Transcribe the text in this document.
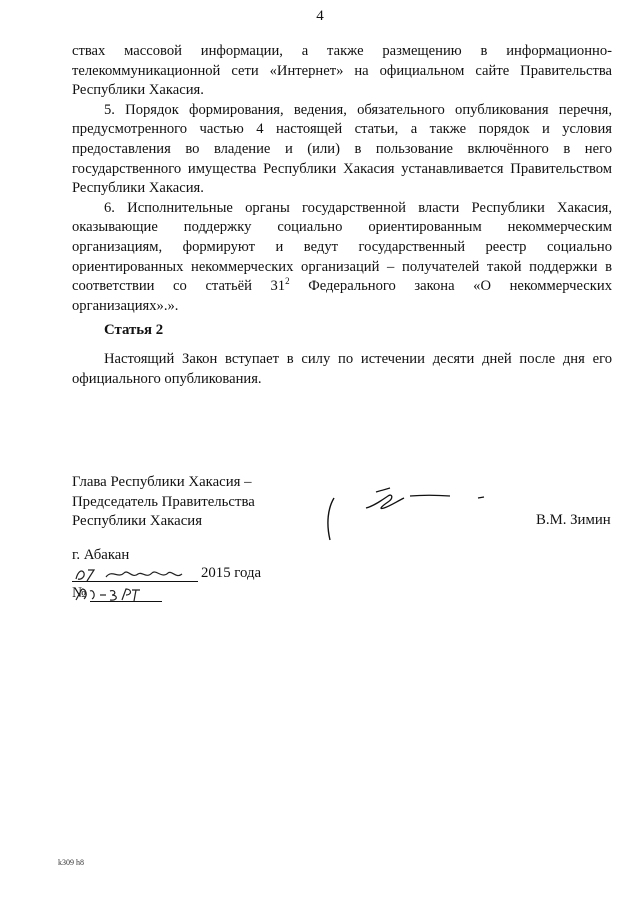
4

ствах массовой информации, а также размещению в информационно-телекоммуникационной сети «Интернет» на официальном сайте Правительства Республики Хакасия.

5. Порядок формирования, ведения, обязательного опубликования перечня, предусмотренного частью 4 настоящей статьи, а также порядок и условия предоставления во владение и (или) в пользование включённого в него государственного имущества Республики Хакасия устанавливается Правительством Республики Хакасия.

6. Исполнительные органы государственной власти Республики Хакасия, оказывающие поддержку социально ориентированным некоммерческим организациям, формируют и ведут государственный реестр социально ориентированных некоммерческих организаций – получателей такой поддержки в соответствии со статьёй $31^2$ Федерального закона «О некоммерческих организациях».».

Статья 2

Настоящий Закон вступает в силу по истечении десяти дней после дня его официального опубликования.

Глава Республики Хакасия –
Председатель Правительства
Республики Хакасия	В.М. Зимин
г. Абакан
2015 года
№
k309 h8
